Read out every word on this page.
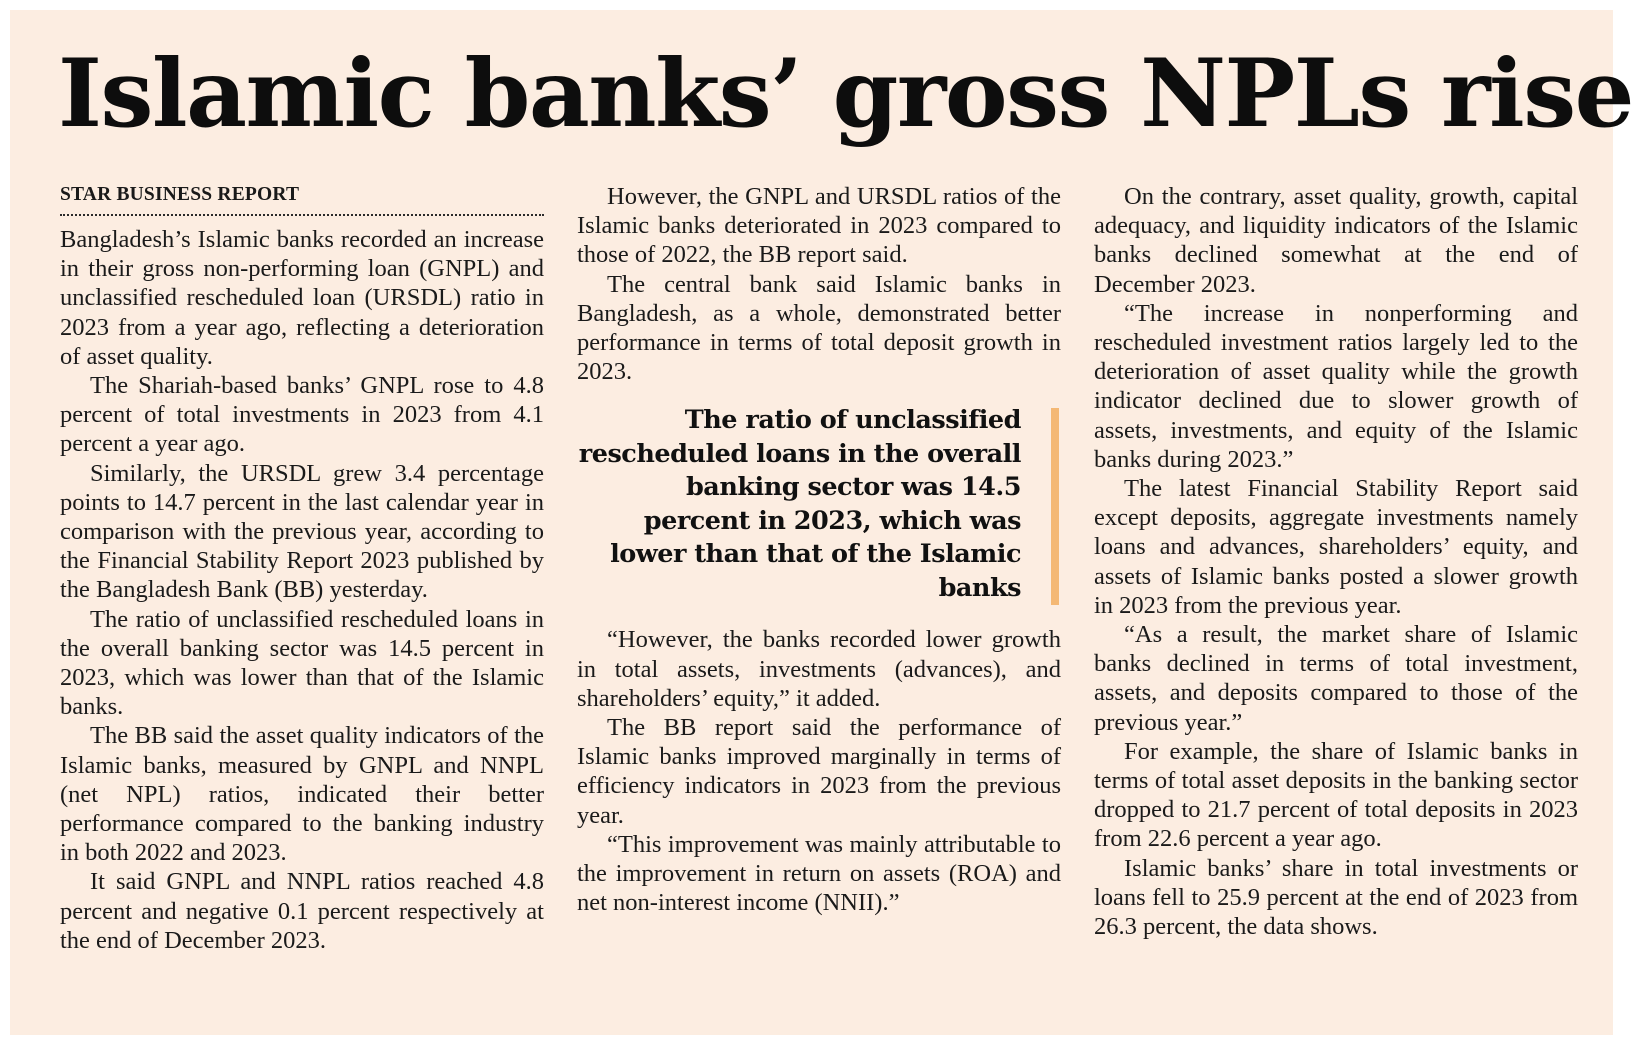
Islamic banks’ gross NPLs rise
STAR BUSINESS REPORT

Bangladesh’s Islamic banks recorded an increase in their gross non-performing loan (GNPL) and unclassified rescheduled loan (URSDL) ratio in 2023 from a year ago, reflecting a deterioration of asset quality.

The Shariah-based banks’ GNPL rose to 4.8 percent of total investments in 2023 from 4.1 percent a year ago.

Similarly, the URSDL grew 3.4 percentage points to 14.7 percent in the last calendar year in comparison with the previous year, according to the Financial Stability Report 2023 published by the Bangladesh Bank (BB) yesterday.

The ratio of unclassified rescheduled loans in the overall banking sector was 14.5 percent in 2023, which was lower than that of the Islamic banks.

The BB said the asset quality indicators of the Islamic banks, measured by GNPL and NNPL (net NPL) ratios, indicated their better performance compared to the banking industry in both 2022 and 2023.

It said GNPL and NNPL ratios reached 4.8 percent and negative 0.1 percent respectively at the end of December 2023.

However, the GNPL and URSDL ratios of the Islamic banks deteriorated in 2023 compared to those of 2022, the BB report said.

The central bank said Islamic banks in Bangladesh, as a whole, demonstrated better performance in terms of total deposit growth in 2023.

The ratio of unclassified rescheduled loans in the overall banking sector was 14.5 percent in 2023, which was lower than that of the Islamic banks

“However, the banks recorded lower growth in total assets, investments (advances), and shareholders’ equity,” it added.

The BB report said the performance of Islamic banks improved marginally in terms of efficiency indicators in 2023 from the previous year.

“This improvement was mainly attributable to the improvement in return on assets (ROA) and net non-interest income (NNII).”

On the contrary, asset quality, growth, capital adequacy, and liquidity indicators of the Islamic banks declined somewhat at the end of December 2023.

“The increase in nonperforming and rescheduled investment ratios largely led to the deterioration of asset quality while the growth indicator declined due to slower growth of assets, investments, and equity of the Islamic banks during 2023.”

The latest Financial Stability Report said except deposits, aggregate investments namely loans and advances, shareholders’ equity, and assets of Islamic banks posted a slower growth in 2023 from the previous year.

“As a result, the market share of Islamic banks declined in terms of total investment, assets, and deposits compared to those of the previous year.”

For example, the share of Islamic banks in terms of total asset deposits in the banking sector dropped to 21.7 percent of total deposits in 2023 from 22.6 percent a year ago.

Islamic banks’ share in total investments or loans fell to 25.9 percent at the end of 2023 from 26.3 percent, the data shows.
